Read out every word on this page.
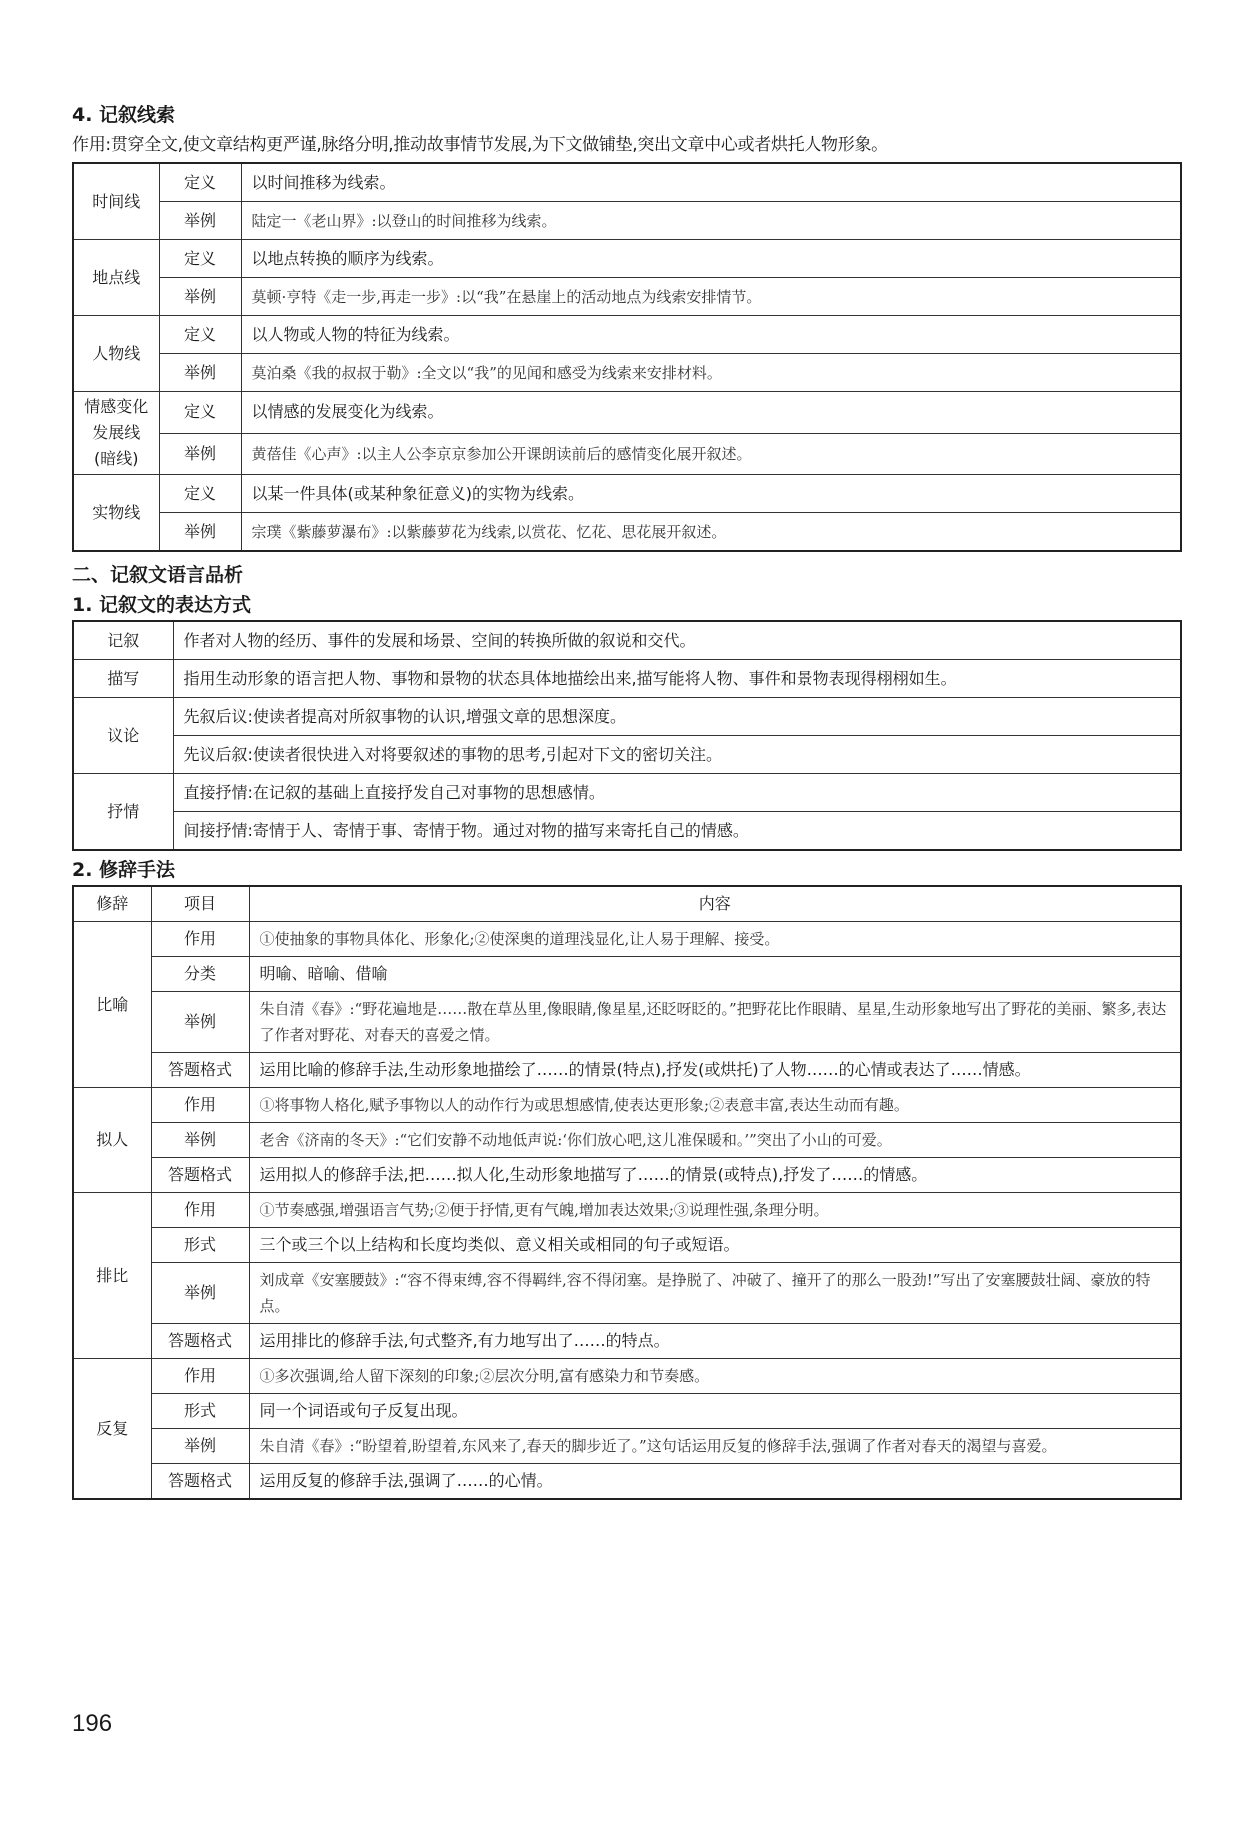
4. 记叙线索

作用:贯穿全文,使文章结构更严谨,脉络分明,推动故事情节发展,为下文做铺垫,突出文章中心或者烘托人物形象。

时间线	定义	以时间推移为线索。
	举例	陆定一《老山界》:以登山的时间推移为线索。
地点线	定义	以地点转换的顺序为线索。
	举例	莫顿·亨特《走一步,再走一步》:以“我”在悬崖上的活动地点为线索安排情节。
人物线	定义	以人物或人物的特征为线索。
	举例	莫泊桑《我的叔叔于勒》:全文以“我”的见闻和感受为线索来安排材料。
情感变化
发展线
(暗线)	定义	以情感的发展变化为线索。
	举例	黄蓓佳《心声》:以主人公李京京参加公开课朗读前后的感情变化展开叙述。
实物线	定义	以某一件具体(或某种象征意义)的实物为线索。
	举例	宗璞《紫藤萝瀑布》:以紫藤萝花为线索,以赏花、忆花、思花展开叙述。

二、记叙文语言品析

1. 记叙文的表达方式

记叙	作者对人物的经历、事件的发展和场景、空间的转换所做的叙说和交代。
描写	指用生动形象的语言把人物、事物和景物的状态具体地描绘出来,描写能将人物、事件和景物表现得栩栩如生。
议论	先叙后议:使读者提高对所叙事物的认识,增强文章的思想深度。
	先议后叙:使读者很快进入对将要叙述的事物的思考,引起对下文的密切关注。
抒情	直接抒情:在记叙的基础上直接抒发自己对事物的思想感情。
	间接抒情:寄情于人、寄情于事、寄情于物。通过对物的描写来寄托自己的情感。

2. 修辞手法

修辞	项目	内容
比喻	作用	①使抽象的事物具体化、形象化;②使深奥的道理浅显化,让人易于理解、接受。
	分类	明喻、暗喻、借喻
	举例	朱自清《春》:“野花遍地是……散在草丛里,像眼睛,像星星,还眨呀眨的。”把野花比作眼睛、星星,生动形象地写出了野花的美丽、繁多,表达了作者对野花、对春天的喜爱之情。
	答题格式	运用比喻的修辞手法,生动形象地描绘了……的情景(特点),抒发(或烘托)了人物……的心情或表达了……情感。
拟人	作用	①将事物人格化,赋予事物以人的动作行为或思想感情,使表达更形象;②表意丰富,表达生动而有趣。
	举例	老舍《济南的冬天》:“它们安静不动地低声说:‘你们放心吧,这儿准保暖和。’”突出了小山的可爱。
	答题格式	运用拟人的修辞手法,把……拟人化,生动形象地描写了……的情景(或特点),抒发了……的情感。
排比	作用	①节奏感强,增强语言气势;②便于抒情,更有气魄,增加表达效果;③说理性强,条理分明。
	形式	三个或三个以上结构和长度均类似、意义相关或相同的句子或短语。
	举例	刘成章《安塞腰鼓》:“容不得束缚,容不得羁绊,容不得闭塞。是挣脱了、冲破了、撞开了的那么一股劲!”写出了安塞腰鼓壮阔、豪放的特点。
	答题格式	运用排比的修辞手法,句式整齐,有力地写出了……的特点。
反复	作用	①多次强调,给人留下深刻的印象;②层次分明,富有感染力和节奏感。
	形式	同一个词语或句子反复出现。
	举例	朱自清《春》:“盼望着,盼望着,东风来了,春天的脚步近了。”这句话运用反复的修辞手法,强调了作者对春天的渴望与喜爱。
	答题格式	运用反复的修辞手法,强调了……的心情。
196
